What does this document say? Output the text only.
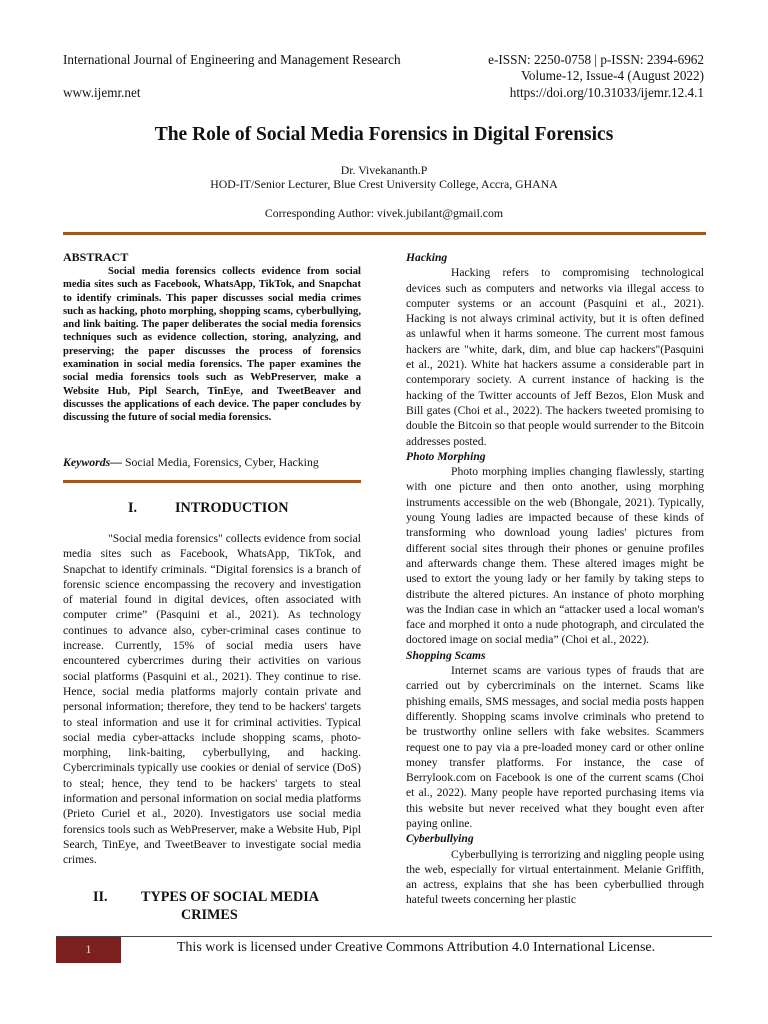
International Journal of Engineering and Management Research
www.ijemr.net
e-ISSN: 2250-0758 | p-ISSN: 2394-6962
Volume-12, Issue-4 (August 2022)
https://doi.org/10.31033/ijemr.12.4.1
The Role of Social Media Forensics in Digital Forensics
Dr. Vivekananth.P
HOD-IT/Senior Lecturer, Blue Crest University College, Accra, GHANA
Corresponding Author: vivek.jubilant@gmail.com
ABSTRACT
Social media forensics collects evidence from social media sites such as Facebook, WhatsApp, TikTok, and Snapchat to identify criminals. This paper discusses social media crimes such as hacking, photo morphing, shopping scams, cyberbullying, and link baiting. The paper deliberates the social media forensics techniques such as evidence collection, storing, analyzing, and preserving; the paper discusses the process of forensics examination in social media forensics. The paper examines the social media forensics tools such as WebPreserver, make a Website Hub, Pipl Search, TinEye, and TweetBeaver and discusses the applications of each device. The paper concludes by discussing the future of social media forensics.
Keywords— Social Media, Forensics, Cyber, Hacking
I.	INTRODUCTION
"Social media forensics" collects evidence from social media sites such as Facebook, WhatsApp, TikTok, and Snapchat to identify criminals. “Digital forensics is a branch of forensic science encompassing the recovery and investigation of material found in digital devices, often associated with computer crime” (Pasquini et al., 2021). As technology continues to advance also, cyber-criminal cases continue to increase. Currently, 15% of social media users have encountered cybercrimes during their activities on various social platforms (Pasquini et al., 2021). They continue to rise. Hence, social media platforms majorly contain private and personal information; therefore, they tend to be hackers' targets to steal information and use it for criminal activities. Typical social media cyber-attacks include shopping scams, photo-morphing, link-baiting, cyberbullying, and hacking. Cybercriminals typically use cookies or denial of service (DoS) to steal; hence, they tend to be hackers' targets to steal information and personal information on social media platforms (Prieto Curiel et al., 2020). Investigators use social media forensics tools such as WebPreserver, make a Website Hub, Pipl Search, TinEye, and TweetBeaver to investigate social media crimes.
II. TYPES OF SOCIAL MEDIA
CRIMES
Hacking
Hacking refers to compromising technological devices such as computers and networks via illegal access to computer systems or an account (Pasquini et al., 2021). Hacking is not always criminal activity, but it is often defined as unlawful when it harms someone. The current most famous hackers are "white, dark, dim, and blue cap hackers"(Pasquini et al., 2021). White hat hackers assume a considerable part in contemporary society. A current instance of hacking is the hacking of the Twitter accounts of Jeff Bezos, Elon Musk and Bill gates (Choi et al., 2022). The hackers tweeted promising to double the Bitcoin so that people would surrender to the Bitcoin addresses posted.
Photo Morphing
Photo morphing implies changing flawlessly, starting with one picture and then onto another, using morphing instruments accessible on the web (Bhongale, 2021). Typically, young Young ladies are impacted because of these kinds of transforming who download young ladies' pictures from different social sites through their phones or genuine profiles and afterwards change them. These altered images might be used to extort the young lady or her family by taking steps to distribute the altered pictures. An instance of photo morphing was the Indian case in which an “attacker used a local woman's face and morphed it onto a nude photograph, and circulated the doctored image on social media” (Choi et al., 2022).
Shopping Scams
Internet scams are various types of frauds that are carried out by cybercriminals on the internet. Scams like phishing emails, SMS messages, and social media posts happen differently. Shopping scams involve criminals who pretend to be trustworthy online sellers with fake websites. Scammers request one to pay via a pre-loaded money card or other online money transfer platforms. For instance, the case of Berrylook.com on Facebook is one of the current scams (Choi et al., 2022). Many people have reported purchasing items via this website but never received what they bought even after paying online.
Cyberbullying
Cyberbullying is terrorizing and niggling people using the web, especially for virtual entertainment. Melanie Griffith, an actress, explains that she has been cyberbullied through hateful tweets concerning her plastic
1	This work is licensed under Creative Commons Attribution 4.0 International License.
